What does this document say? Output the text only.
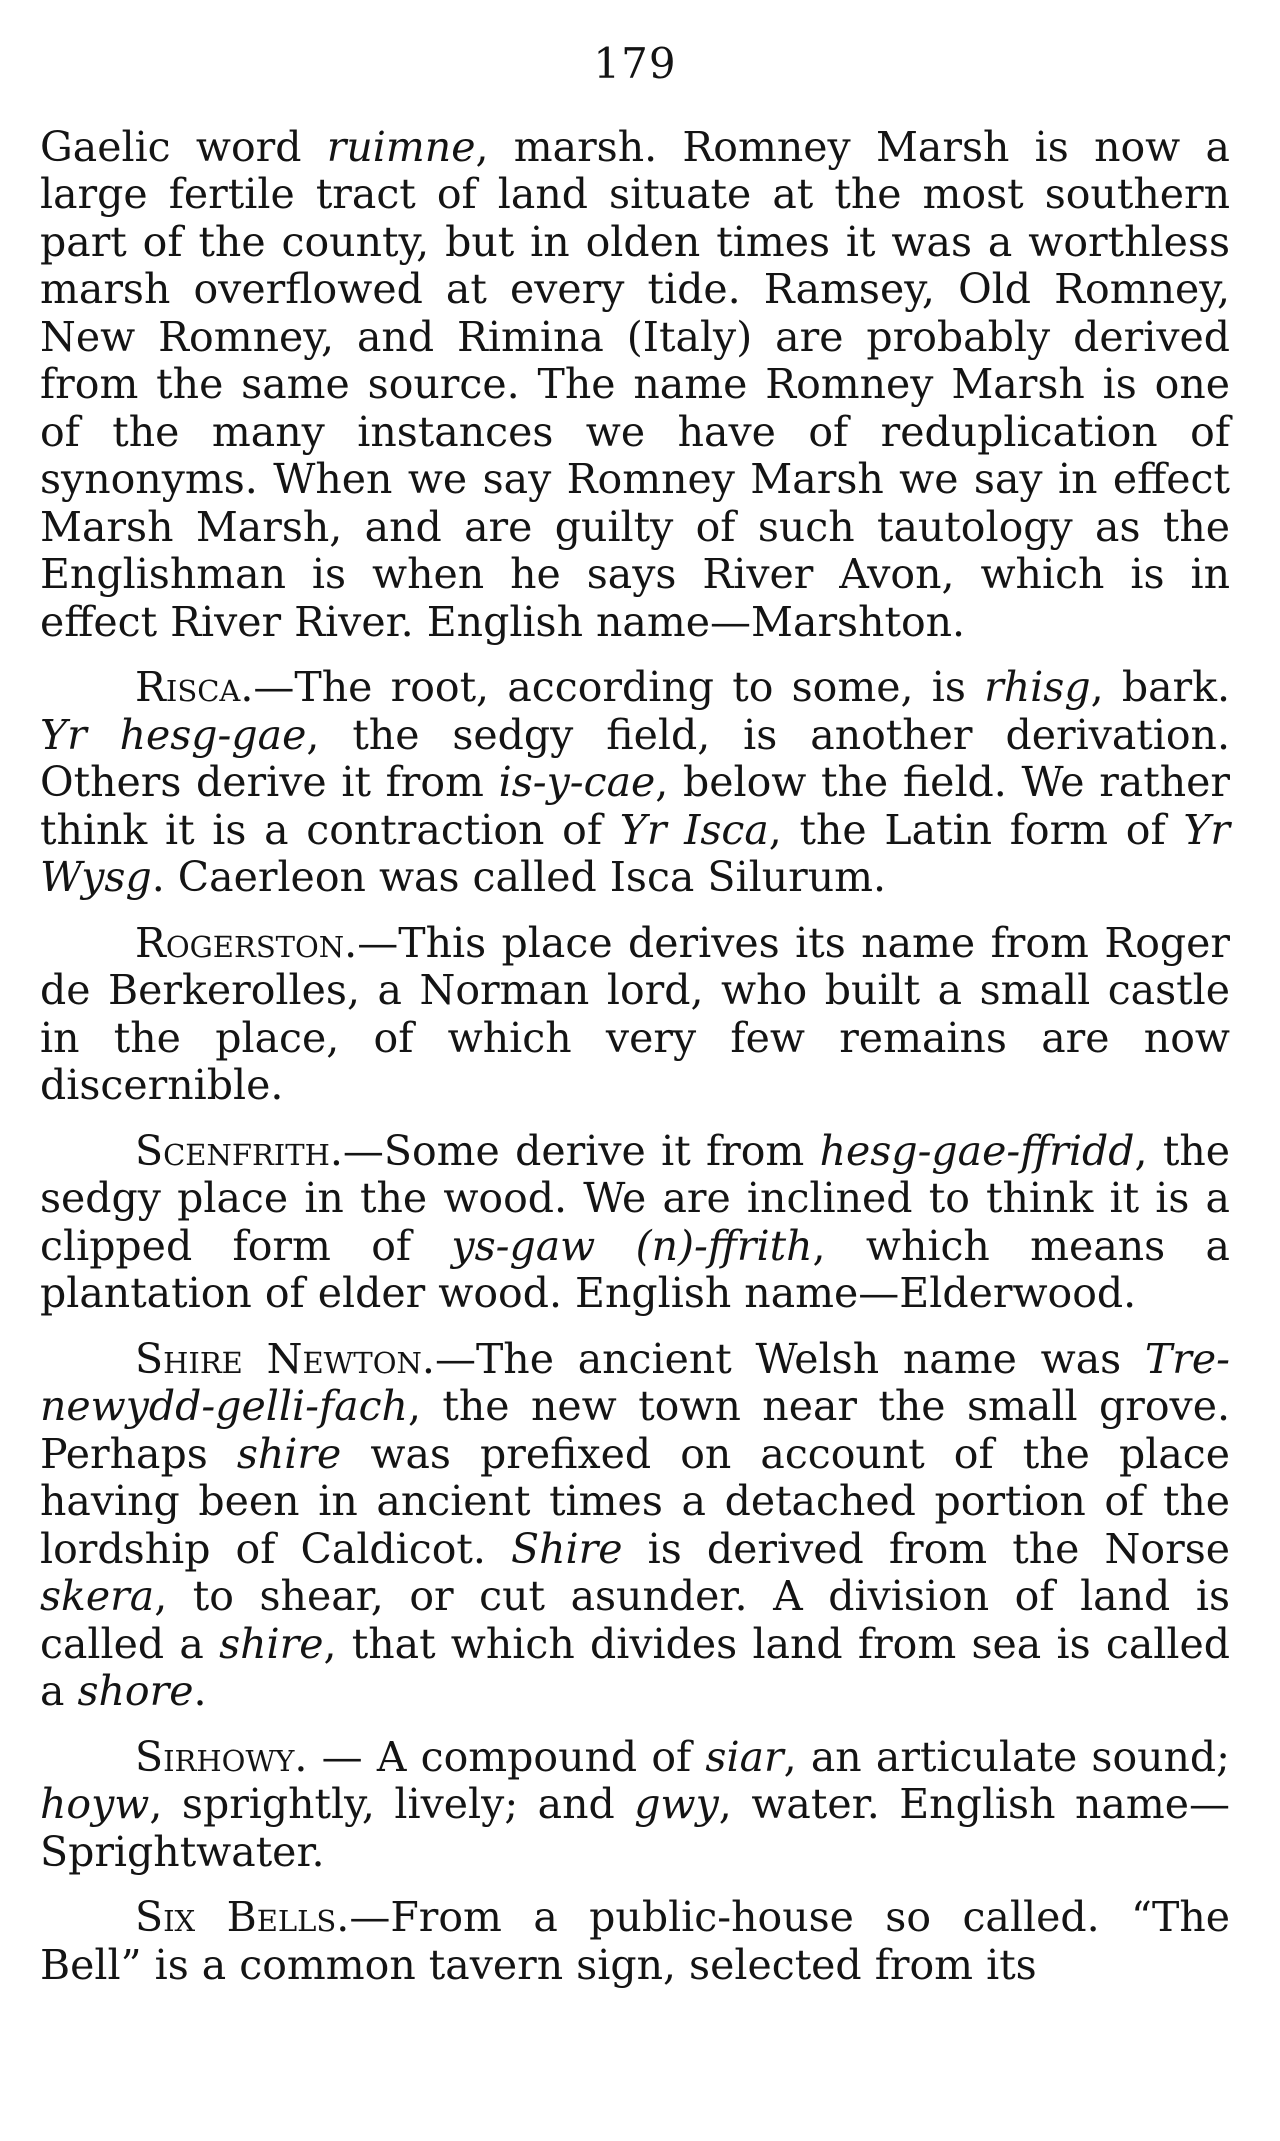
179

Gaelic word ruimne, marsh. Romney Marsh is now a large fertile tract of land situate at the most southern part of the county, but in olden times it was a worthless marsh overflowed at every tide. Ramsey, Old Romney, New Romney, and Rimina (Italy) are probably derived from the same source. The name Romney Marsh is one of the many instances we have of reduplication of synonyms. When we say Romney Marsh we say in effect Marsh Marsh, and are guilty of such tautology as the Englishman is when he says River Avon, which is in effect River River. English name—Marshton.

Risca.—The root, according to some, is rhisg, bark. Yr hesg-gae, the sedgy field, is another derivation. Others derive it from is-y-cae, below the field. We rather think it is a contraction of Yr Isca, the Latin form of Yr Wysg. Caerleon was called Isca Silurum.

Rogerston.—This place derives its name from Roger de Berkerolles, a Norman lord, who built a small castle in the place, of which very few remains are now discernible.

Scenfrith.—Some derive it from hesg-gae-ffridd, the sedgy place in the wood. We are inclined to think it is a clipped form of ys-gaw (n)-ffrith, which means a plantation of elder wood. English name—Elderwood.

Shire Newton.—The ancient Welsh name was Tre-newydd-gelli-fach, the new town near the small grove. Perhaps shire was prefixed on account of the place having been in ancient times a detached portion of the lordship of Caldicot. Shire is derived from the Norse skera, to shear, or cut asunder. A division of land is called a shire, that which divides land from sea is called a shore.

Sirhowy. — A compound of siar, an articulate sound; hoyw, sprightly, lively; and gwy, water. English name—Sprightwater.

Six Bells.—From a public-house so called. “The Bell” is a common tavern sign, selected from its
